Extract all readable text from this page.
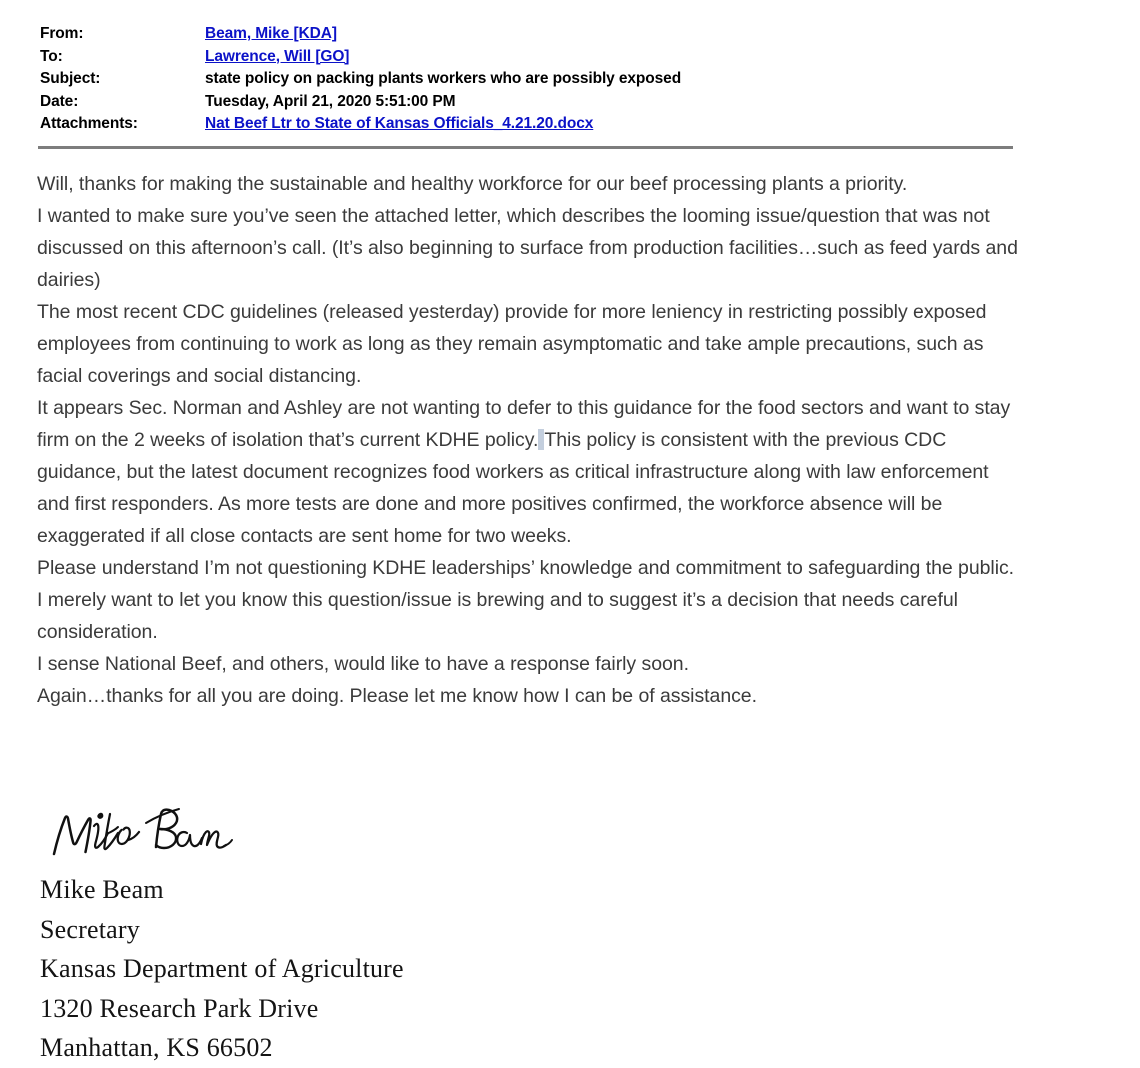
From:	Beam, Mike [KDA]
To:	Lawrence, Will [GO]
Subject:	state policy on packing plants workers who are possibly exposed
Date:	Tuesday, April 21, 2020 5:51:00 PM
Attachments:	Nat Beef Ltr to State of Kansas Officials_4.21.20.docx

Will, thanks for making the sustainable and healthy workforce for our beef processing plants a priority.

I wanted to make sure you’ve seen the attached letter, which describes the looming issue/question that was not discussed on this afternoon’s call. (It’s also beginning to surface from production facilities…such as feed yards and dairies)

The most recent CDC guidelines (released yesterday) provide for more leniency in restricting possibly exposed employees from continuing to work as long as they remain asymptomatic and take ample precautions, such as facial coverings and social distancing.

It appears Sec. Norman and Ashley are not wanting to defer to this guidance for the food sectors and want to stay firm on the 2 weeks of isolation that’s current KDHE policy. This policy is consistent with the previous CDC guidance, but the latest document recognizes food workers as critical infrastructure along with law enforcement and first responders. As more tests are done and more positives confirmed, the workforce absence will be exaggerated if all close contacts are sent home for two weeks.

Please understand I’m not questioning KDHE leaderships’ knowledge and commitment to safeguarding the public. I merely want to let you know this question/issue is brewing and to suggest it’s a decision that needs careful consideration.

I sense National Beef, and others, would like to have a response fairly soon.

Again…thanks for all you are doing. Please let me know how I can be of assistance.

Mike Beam
Secretary
Kansas Department of Agriculture
1320 Research Park Drive
Manhattan, KS 66502
